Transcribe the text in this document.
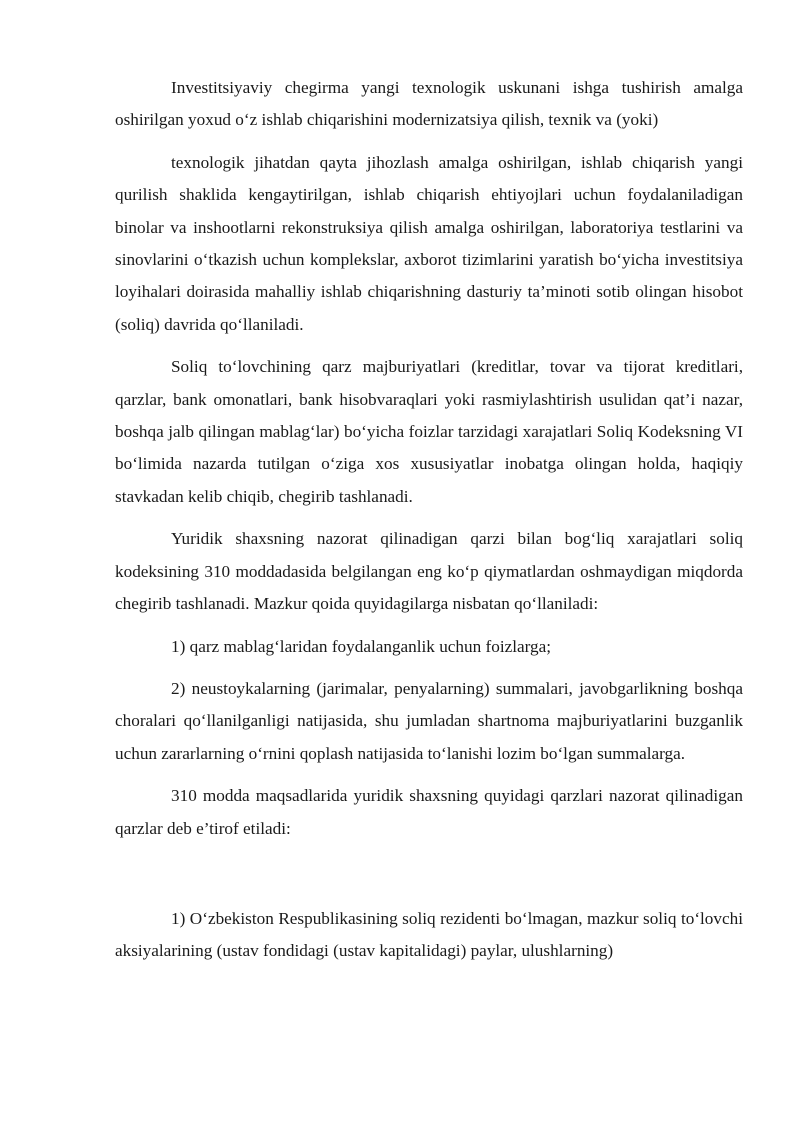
Investitsiyaviy chegirma yangi texnologik uskunani ishga tushirish amalga oshirilgan yoxud o‘z ishlab chiqarishini modernizatsiya qilish, texnik va (yoki)

texnologik jihatdan qayta jihozlash amalga oshirilgan, ishlab chiqarish yangi qurilish shaklida kengaytirilgan, ishlab chiqarish ehtiyojlari uchun foydalaniladigan binolar va inshootlarni rekonstruksiya qilish amalga oshirilgan, laboratoriya testlarini va sinovlarini o‘tkazish uchun komplekslar, axborot tizimlarini yaratish bo‘yicha investitsiya loyihalari doirasida mahalliy ishlab chiqarishning dasturiy ta’minoti sotib olingan hisobot (soliq) davrida qo‘llaniladi.

Soliq to‘lovchining qarz majburiyatlari (kreditlar, tovar va tijorat kreditlari, qarzlar, bank omonatlari, bank hisobvaraqlari yoki rasmiylashtirish usulidan qat’i nazar, boshqa jalb qilingan mablag‘lar) bo‘yicha foizlar tarzidagi xarajatlari Soliq Kodeksning VI bo‘limida nazarda tutilgan o‘ziga xos xususiyatlar inobatga olingan holda, haqiqiy stavkadan kelib chiqib, chegirib tashlanadi.

Yuridik shaxsning nazorat qilinadigan qarzi bilan bog‘liq xarajatlari soliq kodeksining 310 moddadasida belgilangan eng ko‘p qiymatlardan oshmaydigan miqdorda chegirib tashlanadi. Mazkur qoida quyidagilarga nisbatan qo‘llaniladi:

1) qarz mablag‘laridan foydalanganlik uchun foizlarga;

2) neustoykalarning (jarimalar, penyalarning) summalari, javobgarlikning boshqa choralari qo‘llanilganligi natijasida, shu jumladan shartnoma majburiyatlarini buzganlik uchun zararlarning o‘rnini qoplash natijasida to‘lanishi lozim bo‘lgan summalarga.

310 modda maqsadlarida yuridik shaxsning quyidagi qarzlari nazorat qilinadigan qarzlar deb e’tirof etiladi:

1) O‘zbekiston Respublikasining soliq rezidenti bo‘lmagan, mazkur soliq to‘lovchi aksiyalarining (ustav fondidagi (ustav kapitalidagi) paylar, ulushlarning)
